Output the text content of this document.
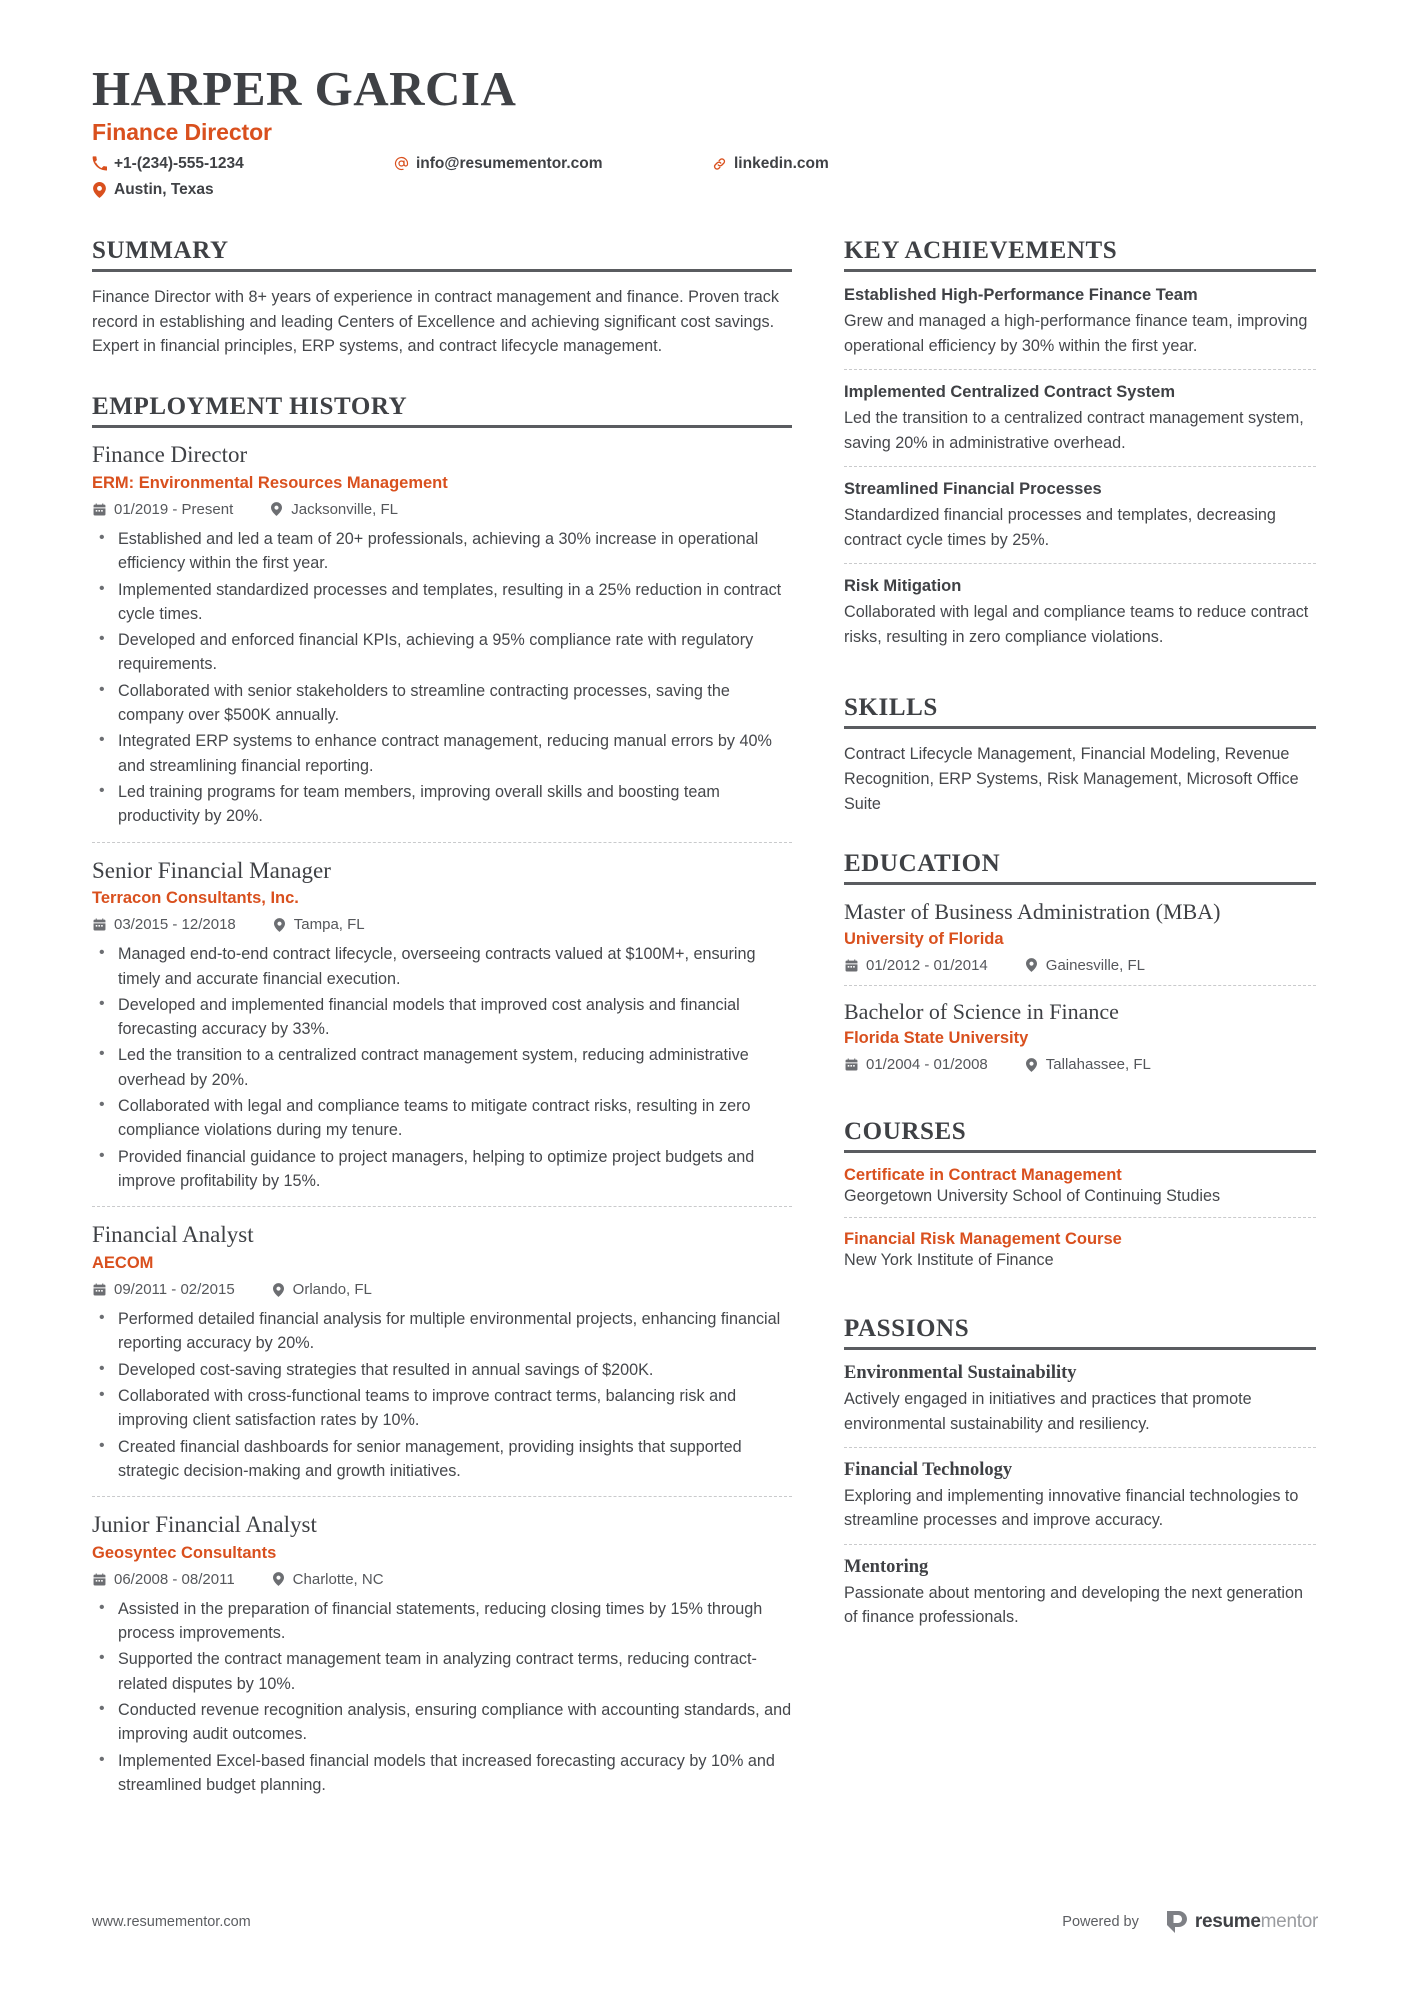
HARPER GARCIA
Finance Director
+1-(234)-555-1234
Austin, Texas
info@resumementor.com	linkedin.com
SUMMARY
Finance Director with 8+ years of experience in contract management and finance. Proven track record in establishing and leading Centers of Excellence and achieving significant cost savings. Expert in financial principles, ERP systems, and contract lifecycle management.
EMPLOYMENT HISTORY
Finance Director
ERM: Environmental Resources Management
01/2019 - Present	Jacksonville, FL
• Established and led a team of 20+ professionals, achieving a 30% increase in operational efficiency within the first year.
• Implemented standardized processes and templates, resulting in a 25% reduction in contract cycle times.
• Developed and enforced financial KPIs, achieving a 95% compliance rate with regulatory requirements.
• Collaborated with senior stakeholders to streamline contracting processes, saving the company over $500K annually.
• Integrated ERP systems to enhance contract management, reducing manual errors by 40% and streamlining financial reporting.
• Led training programs for team members, improving overall skills and boosting team productivity by 20%.
Senior Financial Manager
Terracon Consultants, Inc.
03/2015 - 12/2018	Tampa, FL
• Managed end-to-end contract lifecycle, overseeing contracts valued at $100M+, ensuring timely and accurate financial execution.
• Developed and implemented financial models that improved cost analysis and financial forecasting accuracy by 33%.
• Led the transition to a centralized contract management system, reducing administrative overhead by 20%.
• Collaborated with legal and compliance teams to mitigate contract risks, resulting in zero compliance violations during my tenure.
• Provided financial guidance to project managers, helping to optimize project budgets and improve profitability by 15%.
Financial Analyst
AECOM
09/2011 - 02/2015	Orlando, FL
• Performed detailed financial analysis for multiple environmental projects, enhancing financial reporting accuracy by 20%.
• Developed cost-saving strategies that resulted in annual savings of $200K.
• Collaborated with cross-functional teams to improve contract terms, balancing risk and improving client satisfaction rates by 10%.
• Created financial dashboards for senior management, providing insights that supported strategic decision-making and growth initiatives.
Junior Financial Analyst
Geosyntec Consultants
06/2008 - 08/2011	Charlotte, NC
• Assisted in the preparation of financial statements, reducing closing times by 15% through process improvements.
• Supported the contract management team in analyzing contract terms, reducing contract-related disputes by 10%.
• Conducted revenue recognition analysis, ensuring compliance with accounting standards, and improving audit outcomes.
• Implemented Excel-based financial models that increased forecasting accuracy by 10% and streamlined budget planning.
KEY ACHIEVEMENTS
Established High-Performance Finance Team
Grew and managed a high-performance finance team, improving operational efficiency by 30% within the first year.
Implemented Centralized Contract System
Led the transition to a centralized contract management system, saving 20% in administrative overhead.
Streamlined Financial Processes
Standardized financial processes and templates, decreasing contract cycle times by 25%.
Risk Mitigation
Collaborated with legal and compliance teams to reduce contract risks, resulting in zero compliance violations.
SKILLS
Contract Lifecycle Management, Financial Modeling, Revenue Recognition, ERP Systems, Risk Management, Microsoft Office Suite
EDUCATION
Master of Business Administration (MBA)
University of Florida
01/2012 - 01/2014	Gainesville, FL
Bachelor of Science in Finance
Florida State University
01/2004 - 01/2008	Tallahassee, FL
COURSES
Certificate in Contract Management
Georgetown University School of Continuing Studies
Financial Risk Management Course
New York Institute of Finance
PASSIONS
Environmental Sustainability
Actively engaged in initiatives and practices that promote environmental sustainability and resiliency.
Financial Technology
Exploring and implementing innovative financial technologies to streamline processes and improve accuracy.
Mentoring
Passionate about mentoring and developing the next generation of finance professionals.
www.resumementor.com	Powered by	resumementor
